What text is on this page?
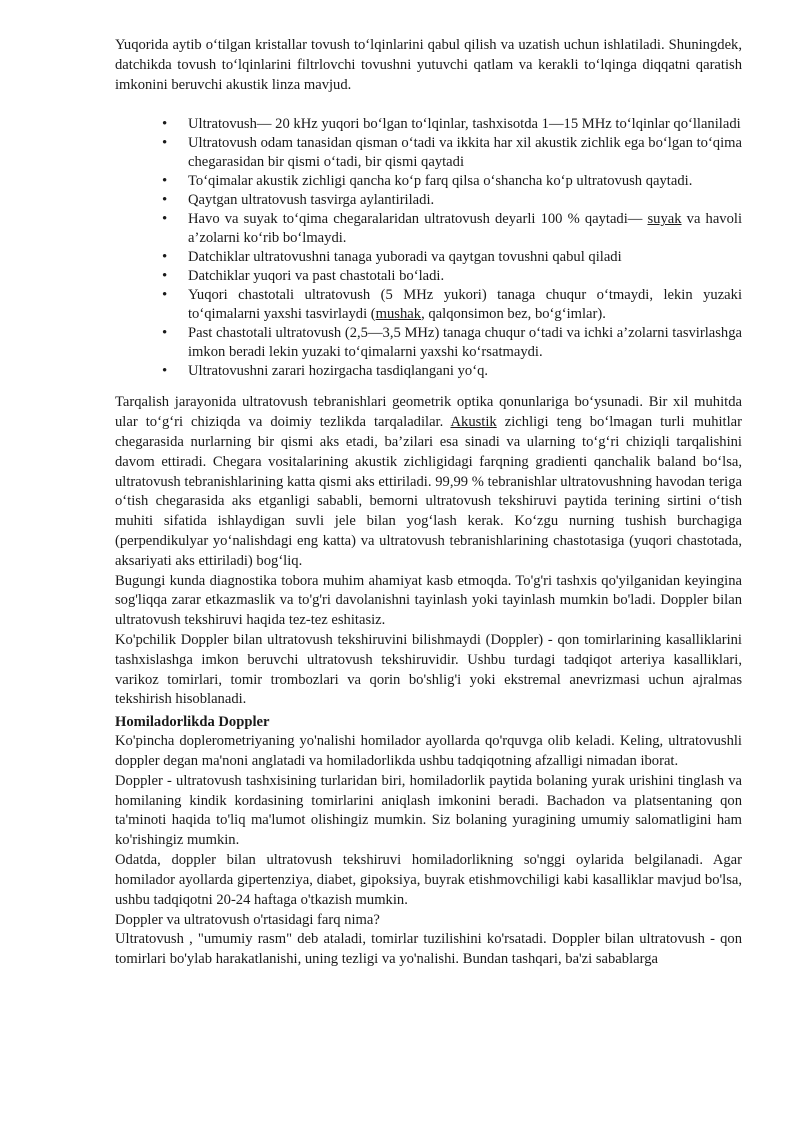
Yuqorida aytib o‘tilgan kristallar tovush to‘lqinlarini qabul qilish va uzatish uchun ishlatiladi. Shuningdek, datchikda tovush to‘lqinlarini filtrlovchi tovushni yutuvchi qatlam va kerakli to‘lqinga diqqatni qaratish imkonini beruvchi akustik linza mavjud.

• Ultratovush— 20 kHz yuqori bo‘lgan to‘lqinlar, tashxisotda 1—15 MHz to‘lqinlar qo‘llaniladi
• Ultratovush odam tanasidan qisman o‘tadi va ikkita har xil akustik zichlik ega bo‘lgan to‘qima chegarasidan bir qismi o‘tadi, bir qismi qaytadi
• To‘qimalar akustik zichligi qancha ko‘p farq qilsa o‘shancha ko‘p ultratovush qaytadi.
• Qaytgan ultratovush tasvirga aylantiriladi.
• Havo va suyak to‘qima chegaralaridan ultratovush deyarli 100 % qaytadi— suyak va havoli a’zolarni ko‘rib bo‘lmaydi.
• Datchiklar ultratovushni tanaga yuboradi va qaytgan tovushni qabul qiladi
• Datchiklar yuqori va past chastotali bo‘ladi.
• Yuqori chastotali ultratovush (5 MHz yukori) tanaga chuqur o‘tmaydi, lekin yuzaki to‘qimalarni yaxshi tasvirlaydi (mushak, qalqonsimon bez, bo‘g‘imlar).
• Past chastotali ultratovush (2,5—3,5 MHz) tanaga chuqur o‘tadi va ichki a’zolarni tasvirlashga imkon beradi lekin yuzaki to‘qimalarni yaxshi ko‘rsatmaydi.
• Ultratovushni zarari hozirgacha tasdiqlangani yo‘q.

Tarqalish jarayonida ultratovush tebranishlari geometrik optika qonunlariga bo‘ysunadi. Bir xil muhitda ular to‘g‘ri chiziqda va doimiy tezlikda tarqaladilar. Akustik zichligi teng bo‘lmagan turli muhitlar chegarasida nurlarning bir qismi aks etadi, ba’zilari esa sinadi va ularning to‘g‘ri chiziqli tarqalishini davom ettiradi. Chegara vositalarining akustik zichligidagi farqning gradienti qanchalik baland bo‘lsa, ultratovush tebranishlarining katta qismi aks ettiriladi. 99,99 % tebranishlar ultratovushning havodan teriga o‘tish chegarasida aks etganligi sababli, bemorni ultratovush tekshiruvi paytida terining sirtini o‘tish muhiti sifatida ishlaydigan suvli jele bilan yog‘lash kerak. Ko‘zgu nurning tushish burchagiga (perpendikulyar yo‘nalishdagi eng katta) va ultratovush tebranishlarining chastotasiga (yuqori chastotada, aksariyati aks ettiriladi) bog‘liq.

Bugungi kunda diagnostika tobora muhim ahamiyat kasb etmoqda. To'g'ri tashxis qo'yilganidan keyingina sog'liqqa zarar etkazmaslik va to'g'ri davolanishni tayinlash yoki tayinlash mumkin bo'ladi. Doppler bilan ultratovush tekshiruvi haqida tez-tez eshitasiz.

Ko'pchilik Doppler bilan ultratovush tekshiruvini bilishmaydi (Doppler) - qon tomirlarining kasalliklarini tashxislashga imkon beruvchi ultratovush tekshiruvidir. Ushbu turdagi tadqiqot arteriya kasalliklari, varikoz tomirlari, tomir trombozlari va qorin bo'shlig'i yoki ekstremal anevrizmasi uchun ajralmas tekshirish hisoblanadi.

Homiladorlikda Doppler

Ko'pincha doplerometriyaning yo'nalishi homilador ayollarda qo'rquvga olib keladi. Keling, ultratovushli doppler degan ma'noni anglatadi va homiladorlikda ushbu tadqiqotning afzalligi nimadan iborat.

Doppler - ultratovush tashxisining turlaridan biri, homiladorlik paytida bolaning yurak urishini tinglash va homilaning kindik kordasining tomirlarini aniqlash imkonini beradi. Bachadon va platsentaning qon ta'minoti haqida to'liq ma'lumot olishingiz mumkin. Siz bolaning yuragining umumiy salomatligini ham ko'rishingiz mumkin.

Odatda, doppler bilan ultratovush tekshiruvi homiladorlikning so'nggi oylarida belgilanadi. Agar homilador ayollarda gipertenziya, diabet, gipoksiya, buyrak etishmovchiligi kabi kasalliklar mavjud bo'lsa, ushbu tadqiqotni 20-24 haftaga o'tkazish mumkin.

Doppler va ultratovush o'rtasidagi farq nima?

Ultratovush , "umumiy rasm" deb ataladi, tomirlar tuzilishini ko'rsatadi. Doppler bilan ultratovush - qon tomirlari bo'ylab harakatlanishi, uning tezligi va yo'nalishi. Bundan tashqari, ba'zi sabablarga
